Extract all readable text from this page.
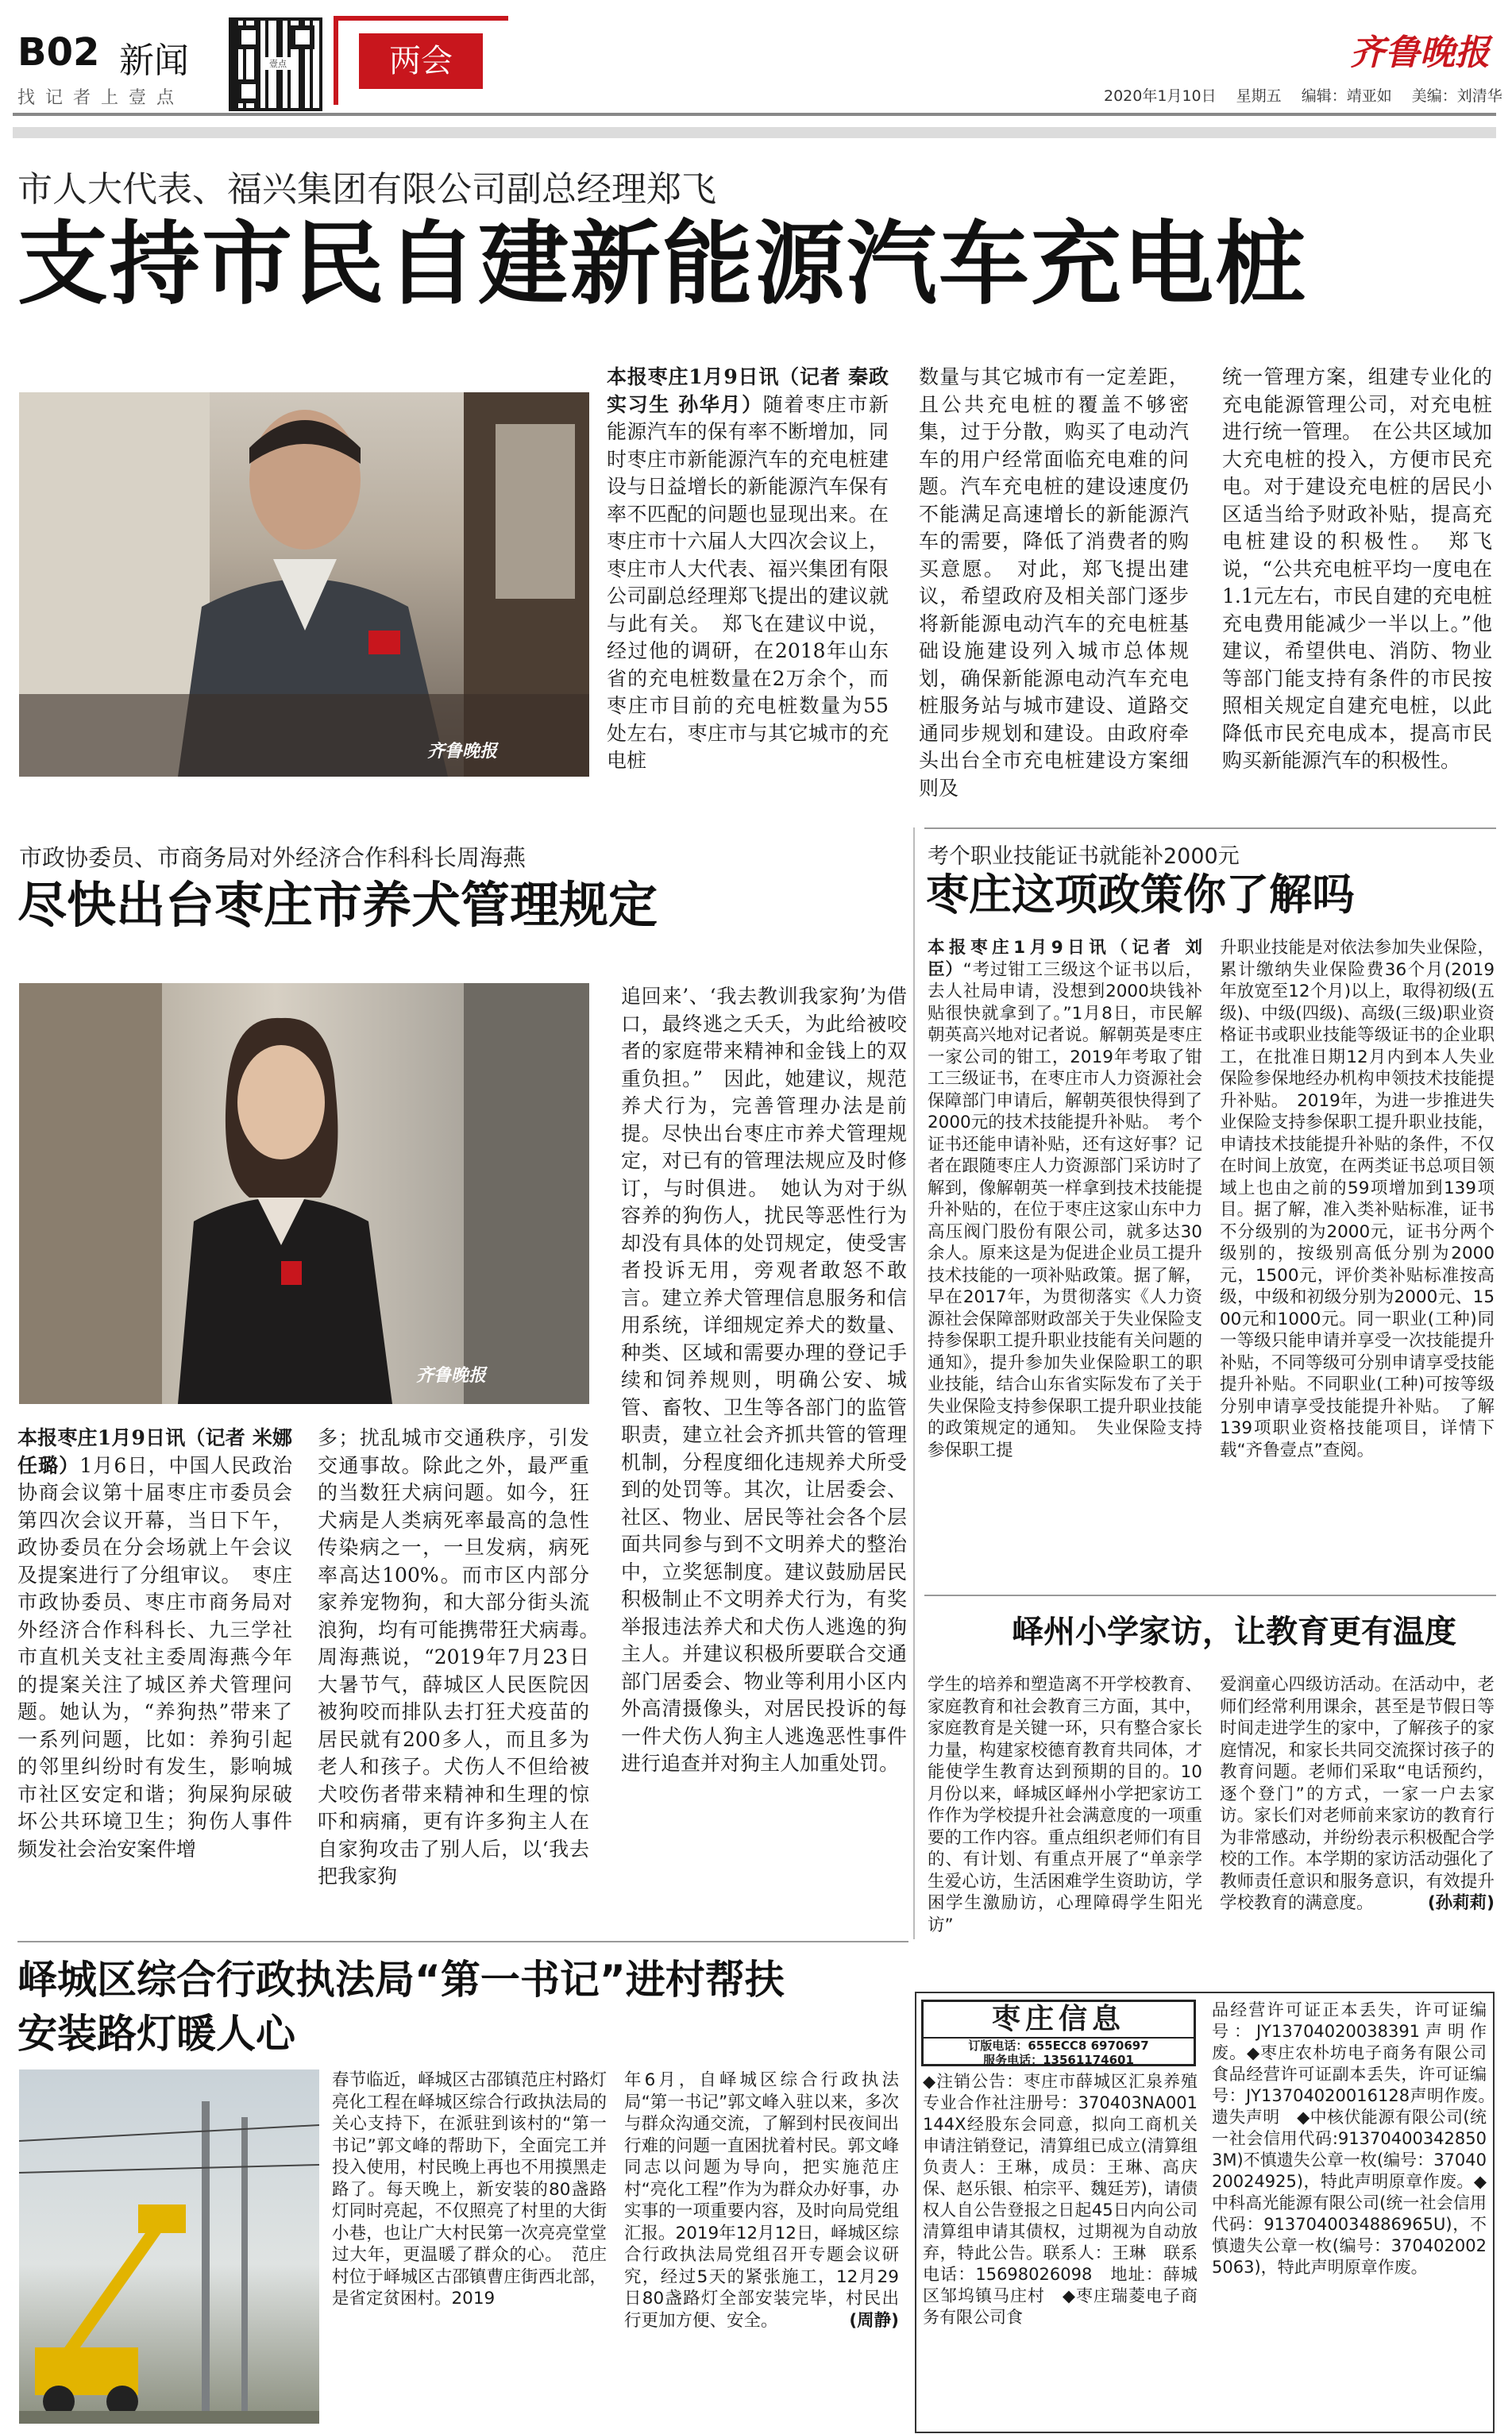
B02 新闻
找 记 者 上 壹 点
壹点	两会	齐鲁晚报
2020年1月10日　 星期五　 编辑：靖亚如　 美编：刘清华
市人大代表、福兴集团有限公司副总经理郑飞
支持市民自建新能源汽车充电桩
齐鲁晚报
本报枣庄1月9日讯（记者 秦政 实习生 孙华月）随着枣庄市新能源汽车的保有率不断增加，同时枣庄市新能源汽车的充电桩建设与日益增长的新能源汽车保有率不匹配的问题也显现出来。在枣庄市十六届人大四次会议上，枣庄市人大代表、福兴集团有限公司副总经理郑飞提出的建议就与此有关。　郑飞在建议中说，经过他的调研，在2018年山东省的充电桩数量在2万余个，而枣庄市目前的充电桩数量为55处左右，枣庄市与其它城市的充电桩
数量与其它城市有一定差距，且公共充电桩的覆盖不够密集，过于分散，购买了电动汽车的用户经常面临充电难的问题。汽车充电桩的建设速度仍不能满足高速增长的新能源汽车的需要，降低了消费者的购买意愿。　对此，郑飞提出建议，希望政府及相关部门逐步将新能源电动汽车的充电桩基础设施建设列入城市总体规划，确保新能源电动汽车充电桩服务站与城市建设、道路交通同步规划和建设。由政府牵头出台全市充电桩建设方案细则及
统一管理方案，组建专业化的充电能源管理公司，对充电桩进行统一管理。　在公共区域加大充电桩的投入，方便市民充电。对于建设充电桩的居民小区适当给予财政补贴，提高充电桩建设的积极性。　郑飞说，“公共充电桩平均一度电在1.1元左右，市民自建的充电桩充电费用能减少一半以上。”他建议，希望供电、消防、物业等部门能支持有条件的市民按照相关规定自建充电桩，以此降低市民充电成本，提高市民购买新能源汽车的积极性。
市政协委员、市商务局对外经济合作科科长周海燕
尽快出台枣庄市养犬管理规定
齐鲁晚报
本报枣庄1月9日讯（记者 米娜 任璐）1月6日，中国人民政治协商会议第十届枣庄市委员会第四次会议开幕，当日下午，政协委员在分会场就上午会议及提案进行了分组审议。　枣庄市政协委员、枣庄市商务局对外经济合作科科长、九三学社市直机关支社主委周海燕今年的提案关注了城区养犬管理问题。她认为，“养狗热”带来了一系列问题，比如：养狗引起的邻里纠纷时有发生，影响城市社区安定和谐；狗屎狗尿破坏公共环境卫生；狗伤人事件频发社会治安案件增
多；扰乱城市交通秩序，引发交通事故。除此之外，最严重的当数狂犬病问题。如今，狂犬病是人类病死率最高的急性传染病之一，一旦发病，病死率高达100%。而市区内部分家养宠物狗，和大部分街头流浪狗，均有可能携带狂犬病毒。　周海燕说，“2019年7月23日大暑节气，薛城区人民医院因被狗咬而排队去打狂犬疫苗的居民就有200多人，而且多为老人和孩子。犬伤人不但给被犬咬伤者带来精神和生理的惊吓和病痛，更有许多狗主人在自家狗攻击了别人后，以‘我去把我家狗
追回来’、‘我去教训我家狗’为借口，最终逃之夭夭，为此给被咬者的家庭带来精神和金钱上的双重负担。”　因此，她建议，规范养犬行为，完善管理办法是前提。尽快出台枣庄市养犬管理规定，对已有的管理法规应及时修订，与时俱进。　她认为对于纵容养的狗伤人，扰民等恶性行为却没有具体的处罚规定，使受害者投诉无用，旁观者敢怒不敢言。建立养犬管理信息服务和信用系统，详细规定养犬的数量、种类、区域和需要办理的登记手续和饲养规则，明确公安、城管、畜牧、卫生等各部门的监管职责，建立社会齐抓共管的管理机制，分程度细化违规养犬所受到的处罚等。其次，让居委会、社区、物业、居民等社会各个层面共同参与到不文明养犬的整治中，立奖惩制度。建议鼓励居民积极制止不文明养犬行为，有奖举报违法养犬和犬伤人逃逸的狗主人。并建议积极所要联合交通部门居委会、物业等利用小区内外高清摄像头，对居民投诉的每一件犬伤人狗主人逃逸恶性事件进行追查并对狗主人加重处罚。
考个职业技能证书就能补2000元
枣庄这项政策你了解吗
本报枣庄1月9日讯（记者 刘臣）“考过钳工三级这个证书以后，去人社局申请，没想到2000块钱补贴很快就拿到了。”1月8日，市民解朝英高兴地对记者说。解朝英是枣庄一家公司的钳工，2019年考取了钳工三级证书，在枣庄市人力资源社会保障部门申请后，解朝英很快得到了2000元的技术技能提升补贴。　考个证书还能申请补贴，还有这好事？记者在跟随枣庄人力资源部门采访时了解到，像解朝英一样拿到技术技能提升补贴的，在位于枣庄这家山东中力高压阀门股份有限公司，就多达30余人。原来这是为促进企业员工提升技术技能的一项补贴政策。据了解，早在2017年，为贯彻落实《人力资源社会保障部财政部关于失业保险支持参保职工提升职业技能有关问题的通知》，提升参加失业保险职工的职业技能，结合山东省实际发布了关于失业保险支持参保职工提升职业技能的政策规定的通知。　失业保险支持参保职工提
升职业技能是对依法参加失业保险，累计缴纳失业保险费36个月(2019年放宽至12个月)以上，取得初级(五级)、中级(四级)、高级(三级)职业资格证书或职业技能等级证书的企业职工，在批准日期12月内到本人失业保险参保地经办机构申领技术技能提升补贴。　2019年，为进一步推进失业保险支持参保职工提升职业技能，申请技术技能提升补贴的条件，不仅在时间上放宽，在两类证书总项目领域上也由之前的59项增加到139项目。据了解，准入类补贴标准，证书不分级别的为2000元，证书分两个级别的，按级别高低分别为2000元，1500元，评价类补贴标准按高级，中级和初级分别为2000元、1500元和1000元。同一职业(工种)同一等级只能申请并享受一次技能提升补贴，不同等级可分别申请享受技能提升补贴。不同职业(工种)可按等级分别申请享受技能提升补贴。　了解139项职业资格技能项目，详情下载“齐鲁壹点”查阅。
峄州小学家访，让教育更有温度
学生的培养和塑造离不开学校教育、家庭教育和社会教育三方面，其中，家庭教育是关键一环，只有整合家长力量，构建家校德育教育共同体，才能使学生教育达到预期的目的。10月份以来，峄城区峄州小学把家访工作作为学校提升社会满意度的一项重要的工作内容。重点组织老师们有目的、有计划、有重点开展了“单亲学生爱心访，生活困难学生资助访，学困学生激励访，心理障碍学生阳光访”
爱润童心四级访活动。在活动中，老师们经常利用课余，甚至是节假日等时间走进学生的家中，了解孩子的家庭情况，和家长共同交流探讨孩子的教育问题。老师们采取“电话预约，逐个登门”的方式，一家一户去家访。家长们对老师前来家访的教育行为非常感动，并纷纷表示积极配合学校的工作。本学期的家访活动强化了教师责任意识和服务意识，有效提升学校教育的满意度。	(孙莉莉)
峄城区综合行政执法局“第一书记”进村帮扶
安装路灯暖人心
春节临近，峄城区古邵镇范庄村路灯亮化工程在峄城区综合行政执法局的关心支持下，在派驻到该村的“第一书记”郭文峰的帮助下，全面完工并投入使用，村民晚上再也不用摸黑走路了。每天晚上，新安装的80盏路灯同时亮起，不仅照亮了村里的大街小巷，也让广大村民第一次亮亮堂堂过大年，更温暖了群众的心。　范庄村位于峄城区古邵镇曹庄街西北部，是省定贫困村。2019
年6月，自峄城区综合行政执法局“第一书记”郭文峰入驻以来，多次与群众沟通交流，了解到村民夜间出行难的问题一直困扰着村民。郭文峰同志以问题为导向，把实施范庄村“亮化工程”作为为群众办好事，办实事的一项重要内容，及时向局党组汇报。2019年12月12日，峄城区综合行政执法局党组召开专题会议研究，经过5天的紧张施工，12月29日80盏路灯全部安装完毕，村民出行更加方便、安全。	(周静)
枣庄信息
订版电话：655ECC8 6970697
服务电话：13561174601
◆注销公告：枣庄市薛城区汇泉养殖专业合作社注册号：370403NA001144X经股东会同意，拟向工商机关申请注销登记，清算组已成立(清算组负责人：王琳，成员：王琳、高庆保、赵乐银、柏宗平、魏廷芳)，请债权人自公告登报之日起45日内向公司清算组申请其债权，过期视为自动放弃，特此公告。联系人：王琳　联系电话：15698026098　地址：薛城区邹坞镇马庄村　◆枣庄瑞菱电子商务有限公司食
品经营许可证正本丢失，许可证编号：JY13704020038391声明作废。◆枣庄农朴坊电子商务有限公司食品经营许可证副本丢失，许可证编号：JY13704020016128声明作废。　遗失声明　◆中核伏能源有限公司(统一社会信用代码:913704003428503M)不慎遗失公章一枚(编号：3704020024925)，特此声明原章作废。◆中科高光能源有限公司(统一社会信用代码：913704003488696​5U)，不慎遗失公章一枚(编号：370402002506​3)，特此声明原章作废。
